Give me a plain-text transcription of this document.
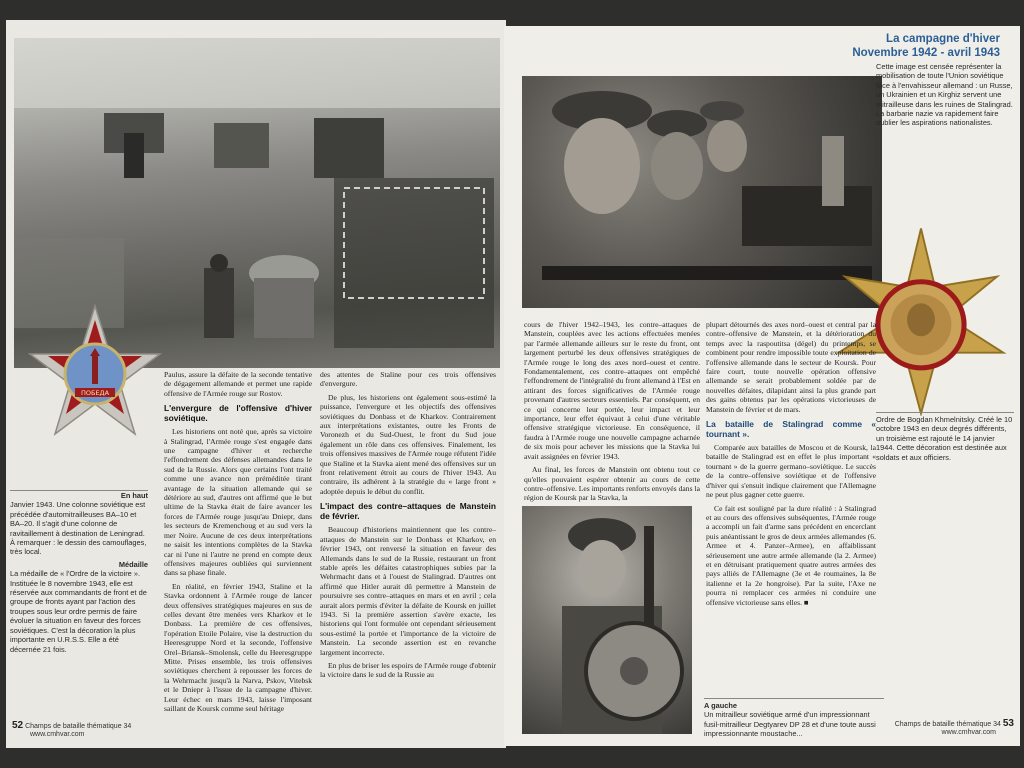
ПОБЕДА

Paulus, assure la défaite de la seconde tentative de dégagement allemande et permet une rapide offensive de l'Armée rouge sur Rostov.

L'envergure de l'offensive d'hiver soviétique.

Les historiens ont noté que, après sa victoire à Stalingrad, l'Armée rouge s'est engagée dans une campagne d'hiver et recherche l'effondrement des défenses allemandes dans le sud de la Russie. Alors que certains l'ont traité comme une avance non préméditée tirant avantage de la situation allemande qui se détériore au sud, d'autres ont affirmé que le but ultime de la Stavka était de faire avancer les forces de l'Armée rouge jusqu'au Dniepr, dans les secteurs de Kremenchoug et au sud vers la mer Noire. Aucune de ces deux interprétations ne saisit les intentions complètes de la Stavka car ni l'une ni l'autre ne prend en compte deux offensives majeures oubliées qui surviennent dans sa phase finale.

En réalité, en février 1943, Staline et la Stavka ordonnent à l'Armée rouge de lancer deux offensives stratégiques majeures en sus de celles devant être menées vers Kharkov et le Donbass. La première de ces offensives, l'opération Etoile Polaire, vise la destruction du Heeresgruppe Nord et la seconde, l'offensive Orel–Briansk–Smolensk, celle du Heeresgruppe Mitte. Prises ensemble, les trois offensives soviétiques cherchent à repousser les forces de la Wehrmacht jusqu'à la Narva, Pskov, Vitebsk et le Dniepr à l'issue de la campagne d'hiver. Leur échec en mars 1943, laisse l'imposant saillant de Koursk comme seul héritage

des attentes de Staline pour ces trois offensives d'envergure.

De plus, les historiens ont également sous-estimé la puissance, l'envergure et les objectifs des offensives soviétiques du Donbass et de Kharkov. Contrairement aux interprétations existantes, outre les Fronts de Voronezh et du Sud-Ouest, le front du Sud joue également un rôle dans ces offensives. Finalement, les trois offensives massives de l'Armée rouge réfutent l'idée que Staline et la Stavka aient mené des offensives sur un front relativement étroit au cours de l'hiver 1943. Au contraire, ils adhérent à la stratégie du « large front » adoptée depuis le début du conflit.

L'impact des contre–attaques de Manstein de février.

Beaucoup d'historiens maintiennent que les contre–attaques de Manstein sur le Donbass et Kharkov, en février 1943, ont renversé la situation en faveur des Allemands dans le sud de la Russie, restaurant un front stable après les défaites catastrophiques subies par la Wehrmacht dans et à l'ouest de Stalingrad. D'autres ont affirmé que Hitler aurait dû permettre à Manstein de poursuivre ses contre–attaques en mars et en avril ; cela aurait alors permis d'éviter la défaite de Koursk en juillet 1943. Si la première assertion s'avère exacte, les historiens qui l'ont formulée ont cependant sérieusement sous-estimé la portée et l'importance de la victoire de Manstein. La seconde assertion est en revanche largement incorrecte.

En plus de briser les espoirs de l'Armée rouge d'obtenir la victoire dans le sud de la Russie au

En haut
Janvier 1943. Une colonne soviétique est précédée d'automitrailleuses BA–10 et BA–20. Il s'agit d'une colonne de ravitaillement à destination de Leningrad. À remarquer : le dessin des camouflages, très local.
Médaille
La médaille de « l'Ordre de la victoire ». Instituée le 8 novembre 1943, elle est réservée aux commandants de front et de groupe de fronts ayant par l'action des troupes sous leur ordre permis de faire évoluer la situation en faveur des forces soviétiques. C'est la décoration la plus importante en U.R.S.S. Elle a été décernée 21 fois.
52 Champs de bataille thématique 34
www.cmhvar.com
La campagne d'hiver
Novembre 1942 - avril 1943
Cette image est censée représenter la mobilisation de toute l'Union soviétique face à l'envahisseur allemand : un Russe, un Ukrainien et un Kirghiz servent une mitrailleuse dans les ruines de Stalingrad. La barbarie nazie va rapidement faire oublier les aspirations nationalistes.
Ordre de Bogdan Khmelnitsky. Créé le 10 octobre 1943 en deux degrés différents, un troisième est rajouté le 14 janvier 1944. Cette décoration est destinée aux soldats et aux officiers.

cours de l'hiver 1942–1943, les contre–attaques de Manstein, couplées avec les actions effectuées menées par l'armée allemande ailleurs sur le reste du front, ont largement perturbé les deux offensives stratégiques de l'Armée rouge le long des axes nord–ouest et centre. Fondamentalement, ces contre–attaques ont empêché l'effondrement de l'intégralité du front allemand à l'Est en attirant des forces significatives de l'Armée rouge provenant d'autres secteurs essentiels. Par conséquent, en ce qui concerne leur portée, leur impact et leur importance, leur effet équivaut à celui d'une véritable offensive stratégique victorieuse. En conséquence, il faudra à l'Armée rouge une nouvelle campagne acharnée de six mois pour achever les missions que la Stavka lui avait assignées en février 1943.

Au final, les forces de Manstein ont obtenu tout ce qu'elles pouvaient espérer obtenir au cours de cette contre–offensive. Les importants renforts envoyés dans la région de Koursk par la Stavka, la

plupart détournés des axes nord–ouest et central par la contre–offensive de Manstein, et la détérioration du temps avec la raspoutitsa (dégel) du printemps, se combinent pour rendre impossible toute exploitation de l'offensive allemande dans le secteur de Koursk. Pour faire court, toute nouvelle opération offensive allemande se serait probablement soldée par de nouvelles défaites, dilapidant ainsi la plus grande part des gains obtenus par les opérations victorieuses de Manstein de février et de mars.

La bataille de Stalingrad comme « tournant ».

Comparée aux batailles de Moscou et de Koursk, la bataille de Stalingrad est en effet le plus important « tournant » de la guerre germano–soviétique. Le succès de la contre–offensive soviétique et de l'offensive d'hiver qui s'ensuit indique clairement que l'Allemagne ne peut plus gagner cette guerre.

Ce fait est souligné par la dure réalité : à Stalingrad et au cours des offensives subséquentes, l'Armée rouge a accompli un fait d'arme sans précédent en encerclant puis anéantissant le gros de deux armées allemandes (6. Armee et 4. Panzer–Armee), en affaiblissant sérieusement une autre armée allemande (la 2. Armee) et en détruisant pratiquement quatre autres armées des pays alliés de l'Allemagne (3e et 4e roumaines, la 8e italienne et la 2e hongroise). Par la suite, l'Axe ne pourra ni remplacer ces armées ni conduire une offensive victorieuse sans elles. ■

A gauche
Un mitrailleur soviétique armé d'un impressionnant fusil-mitrailleur Degtyarev DP 28 et d'une toute aussi impressionnante moustache...
Champs de bataille thématique 34 53
www.cmhvar.com
